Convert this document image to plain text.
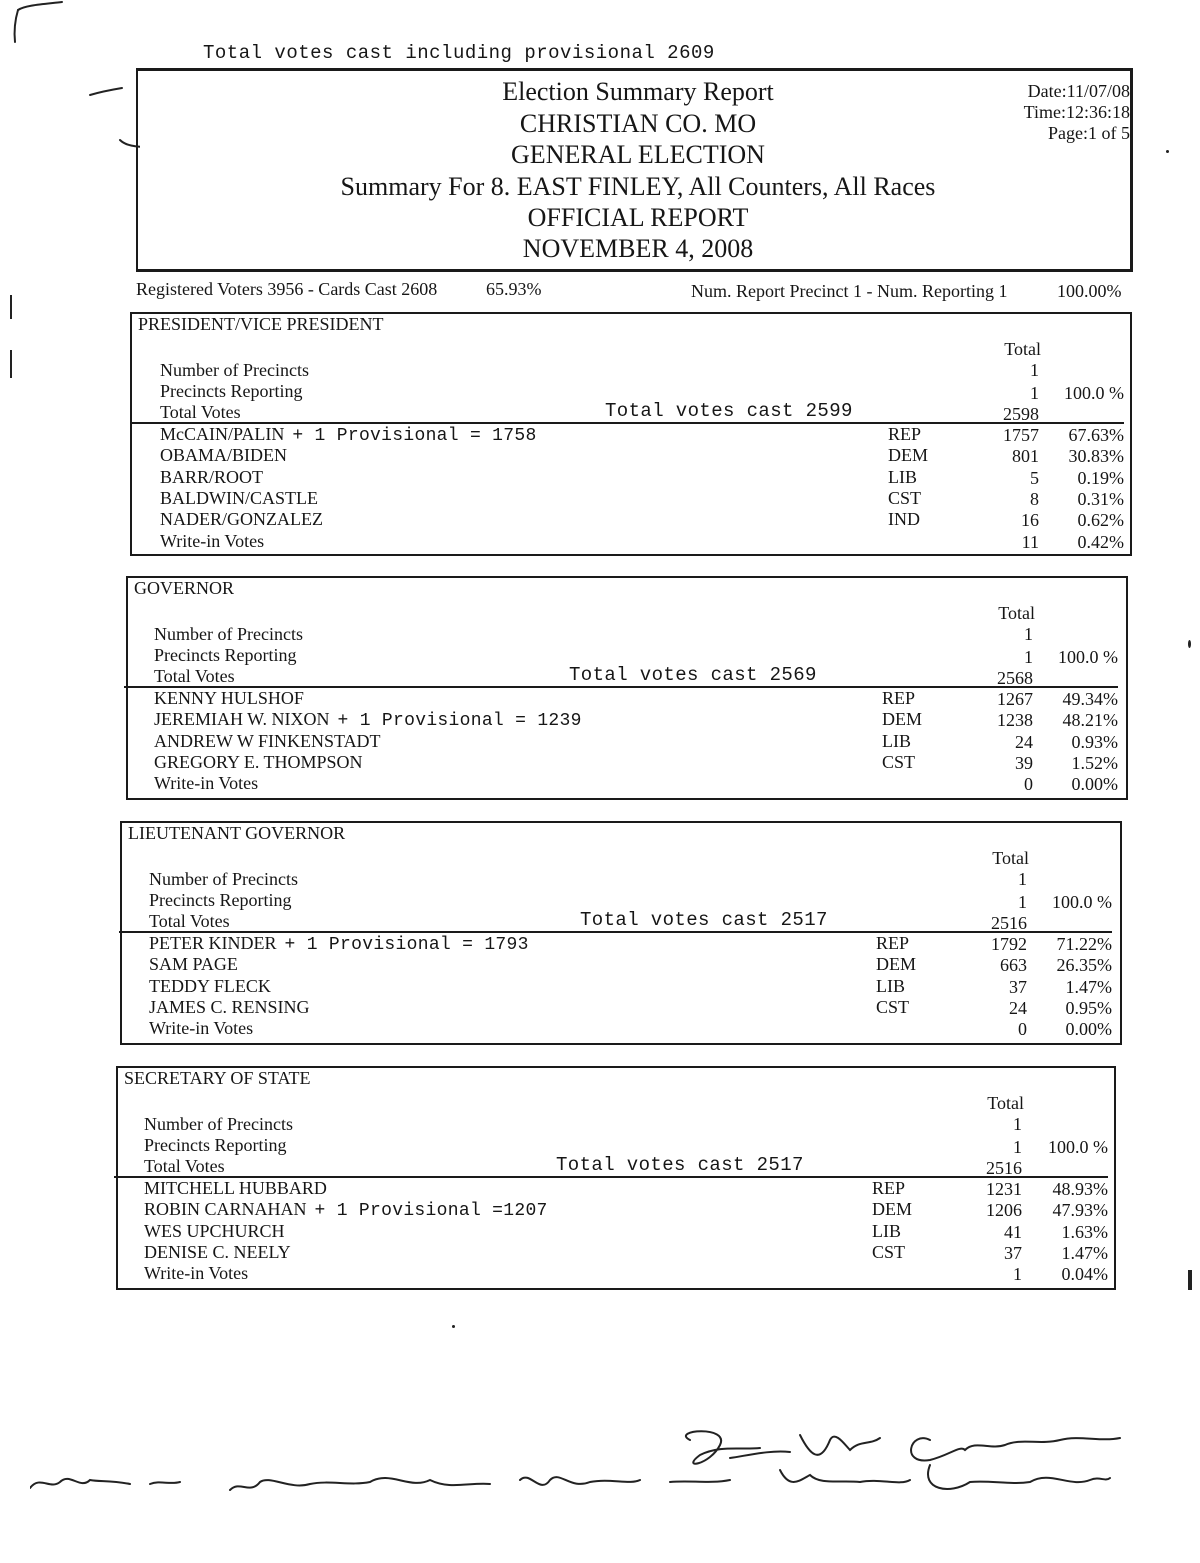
Total votes cast including provisional 2609
Election Summary Report
CHRISTIAN CO. MO
GENERAL ELECTION
Summary For 8. EAST FINLEY, All Counters, All Races
OFFICIAL REPORT
NOVEMBER 4, 2008
Date:11/07/08
Time:12:36:18
Page:1 of 5
Registered Voters 3956 - Cards Cast 2608	65.93%	Num. Report Precinct 1 - Num. Reporting 1	100.00%
PRESIDENT/VICE PRESIDENT
Total
Number of Precincts	1
Precincts Reporting	1 100.0 %
Total Votes	Total votes cast 2599	2598
McCAIN/PALIN + 1 Provisional = 1758	REP	1757 67.63%
OBAMA/BIDEN	DEM	801 30.83%
BARR/ROOT	LIB	5 0.19%
BALDWIN/CASTLE	CST	8 0.31%
NADER/GONZALEZ	IND	16 0.62%
Write-in Votes	11 0.42%
GOVERNOR
Total
Number of Precincts	1
Precincts Reporting	1 100.0 %
Total Votes	Total votes cast 2569	2568
KENNY HULSHOF	REP	1267 49.34%
JEREMIAH W. NIXON + 1 Provisional = 1239	DEM	1238 48.21%
ANDREW W FINKENSTADT	LIB	24 0.93%
GREGORY E. THOMPSON	CST	39 1.52%
Write-in Votes	0 0.00%
LIEUTENANT GOVERNOR
Total
Number of Precincts	1
Precincts Reporting	1 100.0 %
Total Votes	Total votes cast 2517	2516
PETER KINDER + 1 Provisional = 1793	REP	1792 71.22%
SAM PAGE	DEM	663 26.35%
TEDDY FLECK	LIB	37 1.47%
JAMES C. RENSING	CST	24 0.95%
Write-in Votes	0 0.00%
SECRETARY OF STATE
Total
Number of Precincts	1
Precincts Reporting	1 100.0 %
Total Votes	Total votes cast 2517	2516
MITCHELL HUBBARD	REP	1231 48.93%
ROBIN CARNAHAN + 1 Provisional =1207	DEM	1206 47.93%
WES UPCHURCH	LIB	41 1.63%
DENISE C. NEELY	CST	37 1.47%
Write-in Votes	1 0.04%
